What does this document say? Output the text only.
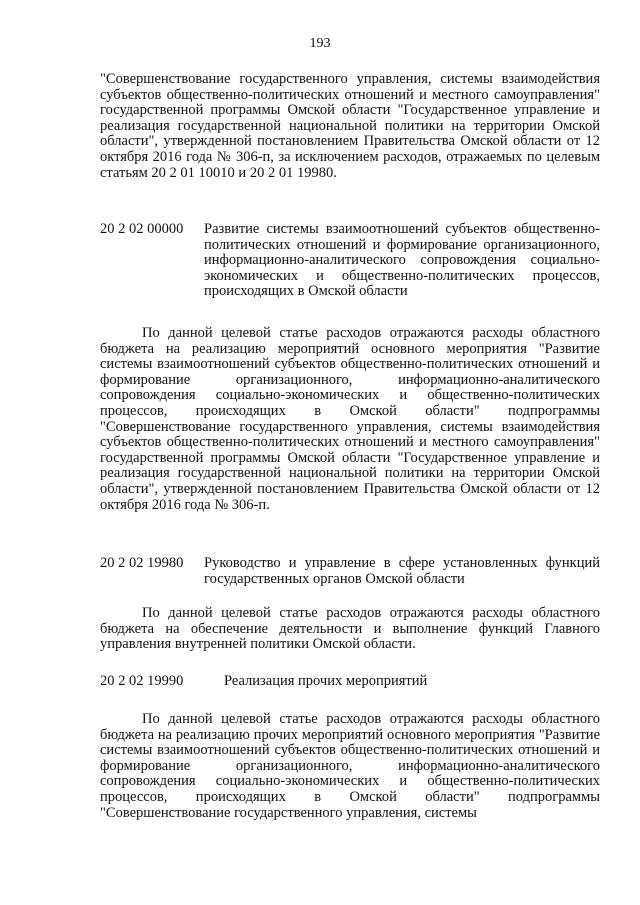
193

"Совершенствование государственного управления, системы взаимодействия субъектов общественно-политических отношений и местного самоуправления" государственной программы Омской области "Государственное управление и реализация государственной национальной политики на территории Омской области", утвержденной постановлением Правительства Омской области от 12 октября 2016 года № 306-п, за исключением расходов, отражаемых по целевым статьям 20 2 01 10010 и 20 2 01 19980.

20 2 02 00000 Развитие системы взаимоотношений субъектов общественно-политических отношений и формирование организационного, информационно-аналитического сопровождения социально-экономических и общественно-политических процессов, происходящих в Омской области

По данной целевой статье расходов отражаются расходы областного бюджета на реализацию мероприятий основного мероприятия "Развитие системы взаимоотношений субъектов общественно-политических отношений и формирование организационного, информационно-аналитического сопровождения социально-экономических и общественно-политических процессов, происходящих в Омской области" подпрограммы "Совершенствование государственного управления, системы взаимодействия субъектов общественно-политических отношений и местного самоуправления" государственной программы Омской области "Государственное управление и реализация государственной национальной политики на территории Омской области", утвержденной постановлением Правительства Омской области от 12 октября 2016 года № 306-п.

20 2 02 19980 Руководство и управление в сфере установленных функций государственных органов Омской области

По данной целевой статье расходов отражаются расходы областного бюджета на обеспечение деятельности и выполнение функций Главного управления внутренней политики Омской области.

20 2 02 19990	Реализация прочих мероприятий

По данной целевой статье расходов отражаются расходы областного бюджета на реализацию прочих мероприятий основного мероприятия "Развитие системы взаимоотношений субъектов общественно-политических отношений и формирование организационного, информационно-аналитического сопровождения социально-экономических и общественно-политических процессов, происходящих в Омской области" подпрограммы "Совершенствование государственного управления, системы
